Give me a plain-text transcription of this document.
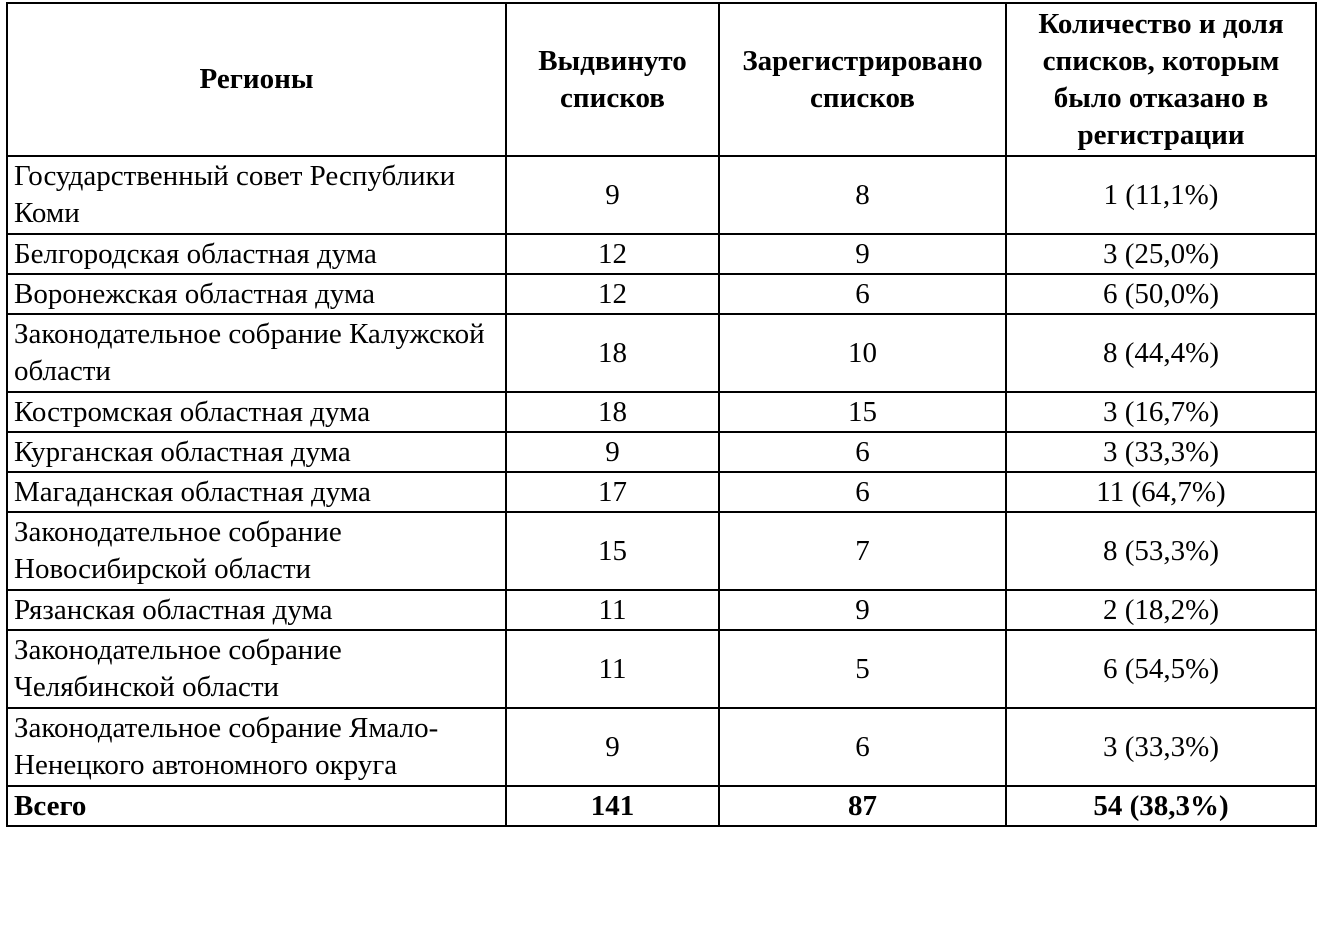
Регионы	Выдвинуто списков	Зарегистрировано списков	Количество и доля списков, которым было отказано в регистрации
Государственный совет Республики Коми	9	8	1 (11,1%)
Белгородская областная дума	12	9	3 (25,0%)
Воронежская областная дума	12	6	6 (50,0%)
Законодательное собрание Калужской области	18	10	8 (44,4%)
Костромская областная дума	18	15	3 (16,7%)
Курганская областная дума	9	6	3 (33,3%)
Магаданская областная дума	17	6	11 (64,7%)
Законодательное собрание Новосибирской области	15	7	8 (53,3%)
Рязанская областная дума	11	9	2 (18,2%)
Законодательное собрание Челябинской области	11	5	6 (54,5%)
Законодательное собрание Ямало-Ненецкого автономного округа	9	6	3 (33,3%)
Всего	141	87	54 (38,3%)
